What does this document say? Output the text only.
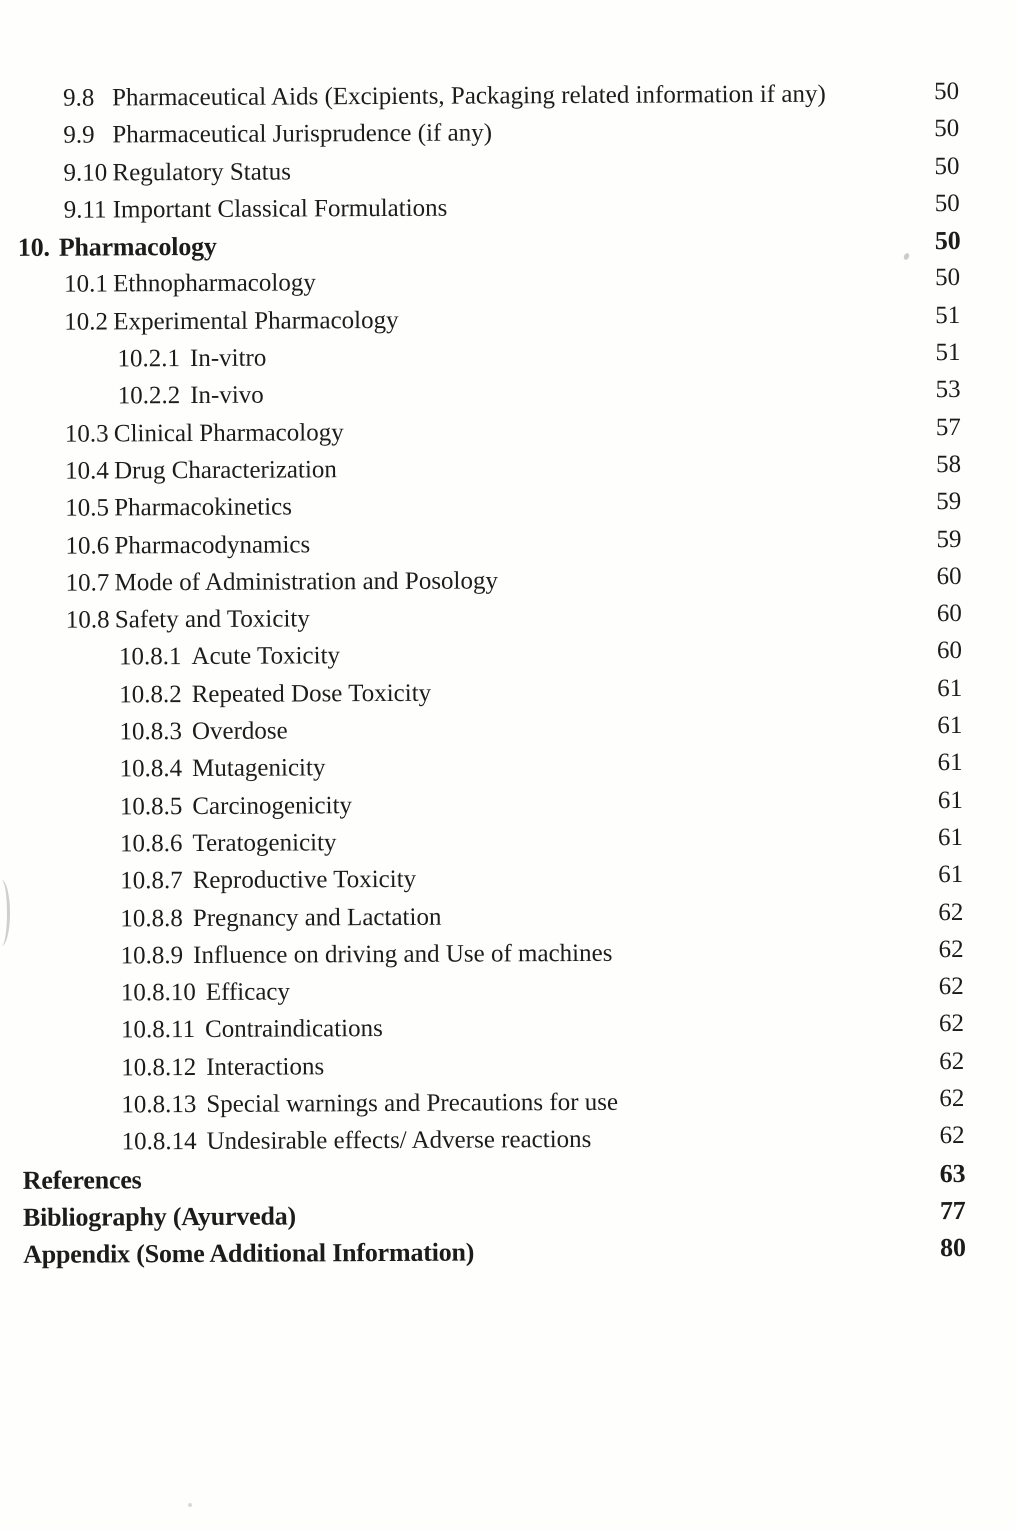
9.8 Pharmaceutical Aids (Excipients, Packaging related information if any)	50
9.9 Pharmaceutical Jurisprudence (if any)	50
9.10 Regulatory Status	50
9.11 Important Classical Formulations	50
10. Pharmacology	50
10.1 Ethnopharmacology	50
10.2 Experimental Pharmacology	51
10.2.1 In-vitro	51
10.2.2 In-vivo	53
10.3 Clinical Pharmacology	57
10.4 Drug Characterization	58
10.5 Pharmacokinetics	59
10.6 Pharmacodynamics	59
10.7 Mode of Administration and Posology	60
10.8 Safety and Toxicity	60
10.8.1 Acute Toxicity	60
10.8.2 Repeated Dose Toxicity	61
10.8.3 Overdose	61
10.8.4 Mutagenicity	61
10.8.5 Carcinogenicity	61
10.8.6 Teratogenicity	61
10.8.7 Reproductive Toxicity	61
10.8.8 Pregnancy and Lactation	62
10.8.9 Influence on driving and Use of machines	62
10.8.10 Efficacy	62
10.8.11 Contraindications	62
10.8.12 Interactions	62
10.8.13 Special warnings and Precautions for use	62
10.8.14 Undesirable effects/ Adverse reactions	62
References	63
Bibliography (Ayurveda)	77
Appendix (Some Additional Information)	80
